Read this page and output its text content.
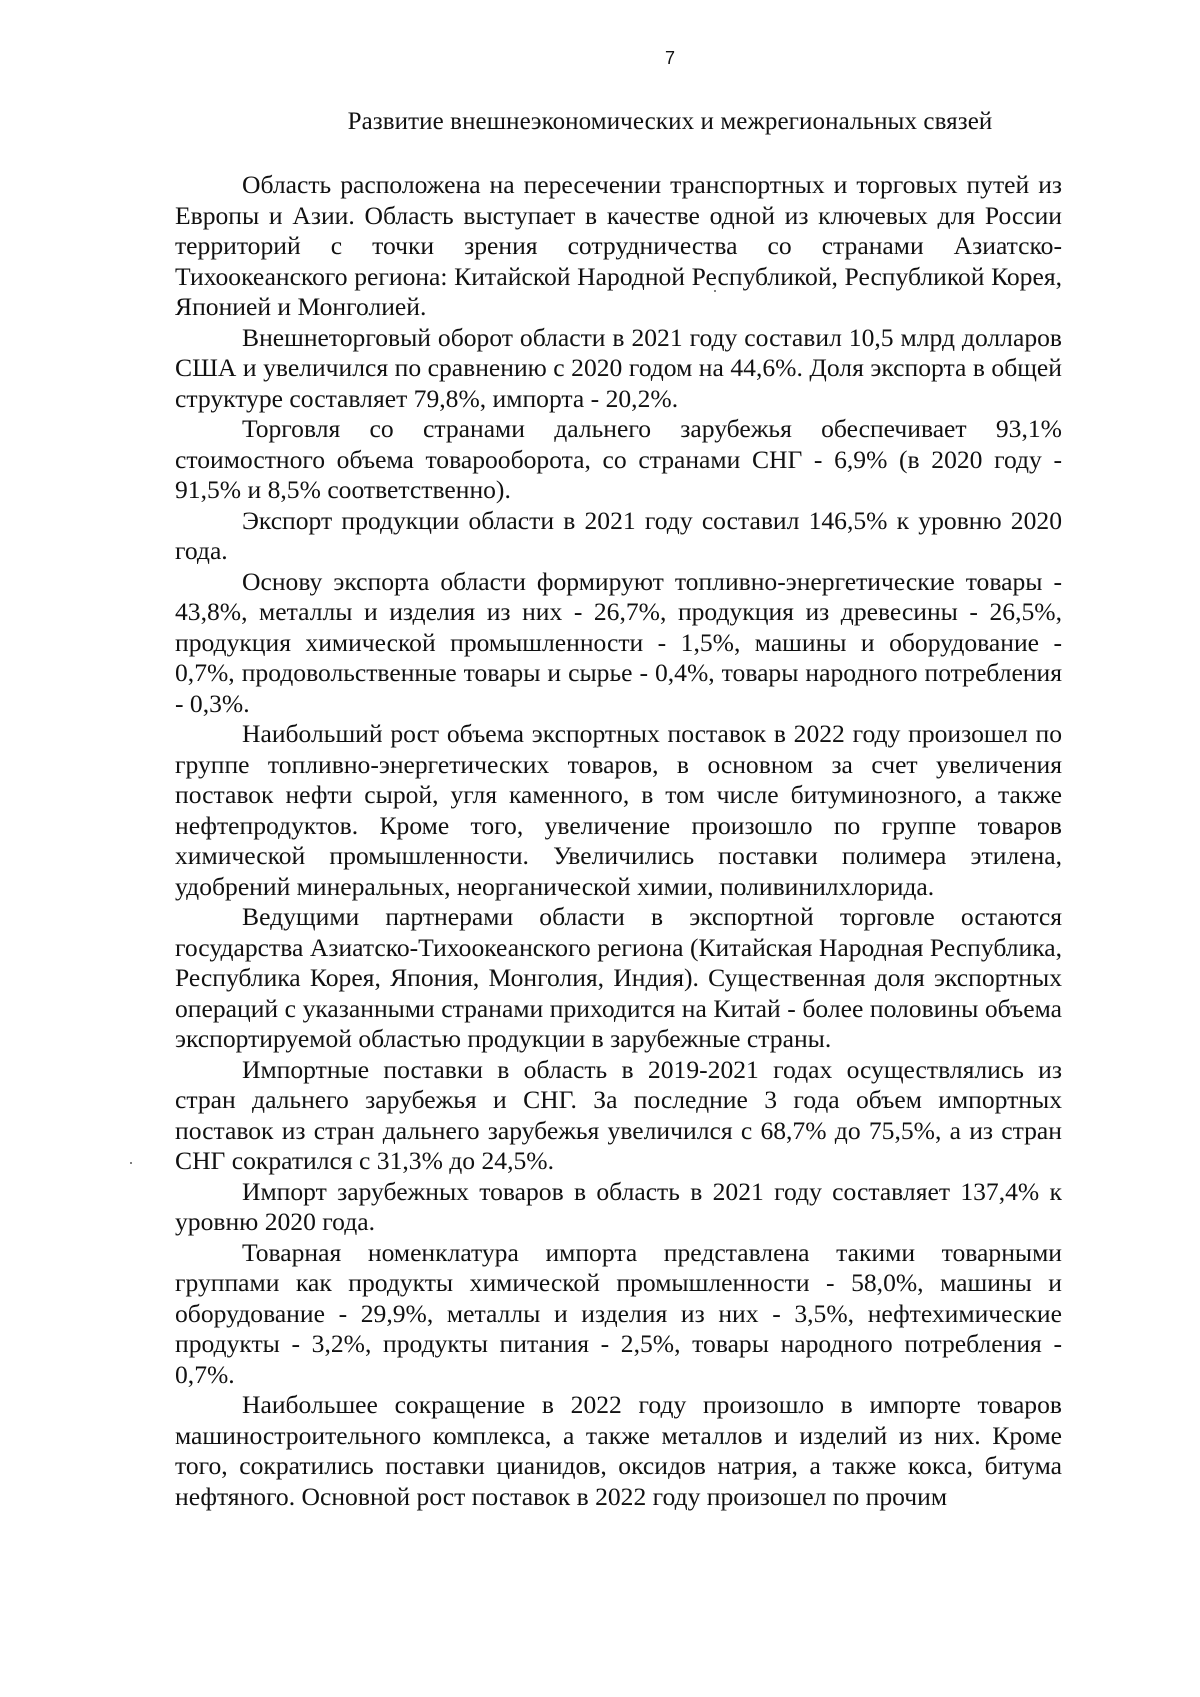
7
Развитие внешнеэкономических и межрегиональных связей

Область расположена на пересечении транспортных и торговых путей из Европы и Азии. Область выступает в качестве одной из ключевых для России территорий с точки зрения сотрудничества со странами Азиатско-Тихоокеанского региона: Китайской Народной Республикой, Республикой Корея, Японией и Монголией.

Внешнеторговый оборот области в 2021 году составил 10,5 млрд долларов США и увеличился по сравнению с 2020 годом на 44,6%. Доля экспорта в общей структуре составляет 79,8%, импорта - 20,2%.

Торговля со странами дальнего зарубежья обеспечивает 93,1% стоимостного объема товарооборота, со странами СНГ - 6,9% (в 2020 году - 91,5% и 8,5% соответственно).

Экспорт продукции области в 2021 году составил 146,5% к уровню 2020 года.

Основу экспорта области формируют топливно-энергетические товары - 43,8%, металлы и изделия из них - 26,7%, продукция из древесины - 26,5%, продукция химической промышленности - 1,5%, машины и оборудование - 0,7%, продовольственные товары и сырье - 0,4%, товары народного потребления - 0,3%.

Наибольший рост объема экспортных поставок в 2022 году произошел по группе топливно-энергетических товаров, в основном за счет увеличения поставок нефти сырой, угля каменного, в том числе битуминозного, а также нефтепродуктов. Кроме того, увеличение произошло по группе товаров химической промышленности. Увеличились поставки полимера этилена, удобрений минеральных, неорганической химии, поливинилхлорида.

Ведущими партнерами области в экспортной торговле остаются государства Азиатско-Тихоокеанского региона (Китайская Народная Республика, Республика Корея, Япония, Монголия, Индия). Существенная доля экспортных операций с указанными странами приходится на Китай - более половины объема экспортируемой областью продукции в зарубежные страны.

Импортные поставки в область в 2019-2021 годах осуществлялись из стран дальнего зарубежья и СНГ. За последние 3 года объем импортных поставок из стран дальнего зарубежья увеличился с 68,7% до 75,5%, а из стран СНГ сократился с 31,3% до 24,5%.

Импорт зарубежных товаров в область в 2021 году составляет 137,4% к уровню 2020 года.

Товарная номенклатура импорта представлена такими товарными группами как продукты химической промышленности - 58,0%, машины и оборудование - 29,9%, металлы и изделия из них - 3,5%, нефтехимические продукты - 3,2%, продукты питания - 2,5%, товары народного потребления - 0,7%.

Наибольшее сокращение в 2022 году произошло в импорте товаров машиностроительного комплекса, а также металлов и изделий из них. Кроме того, сократились поставки цианидов, оксидов натрия, а также кокса, битума нефтяного. Основной рост поставок в 2022 году произошел по прочим
